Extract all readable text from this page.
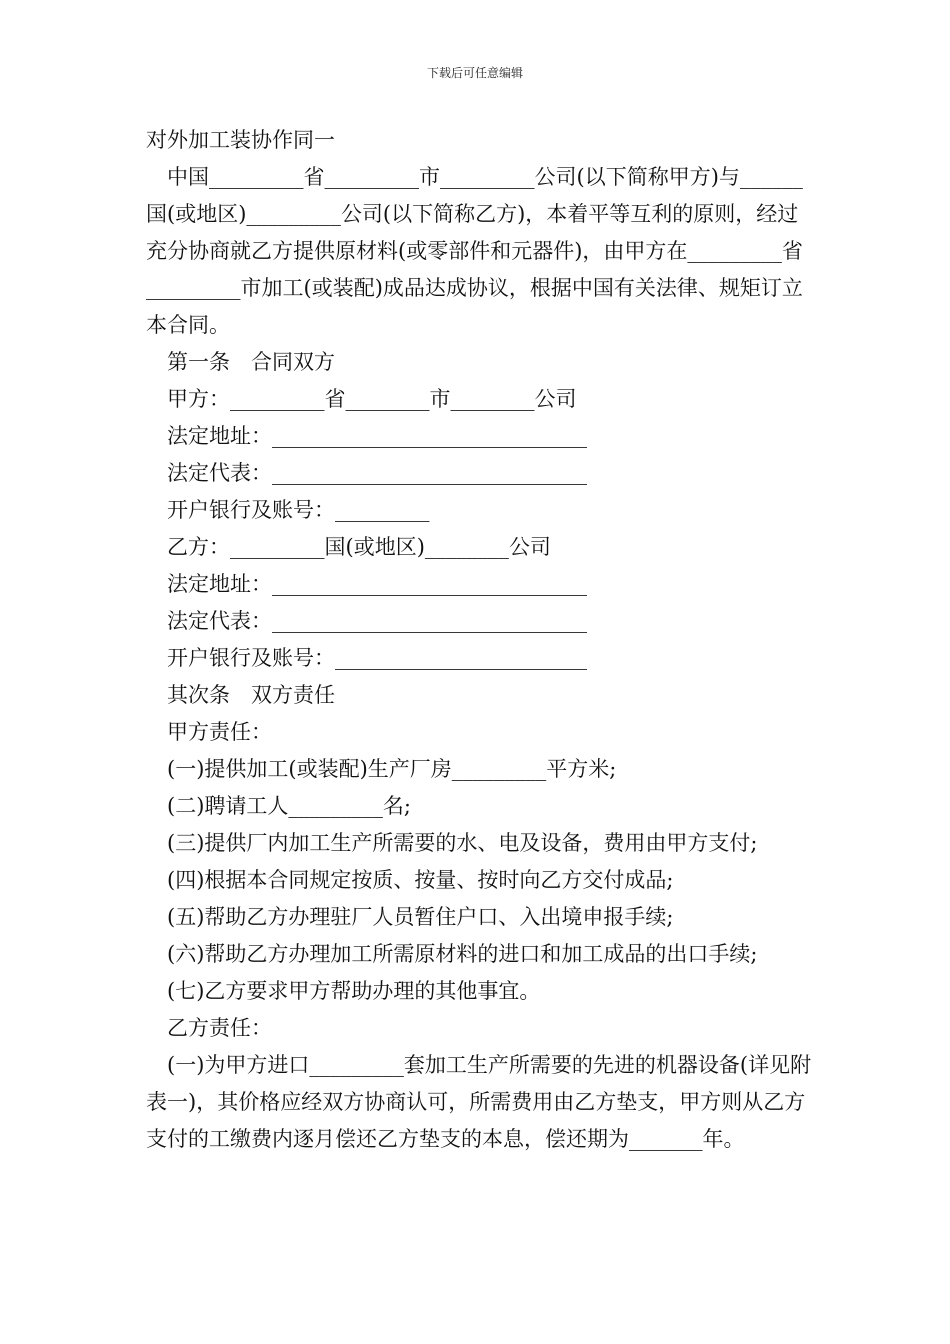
下载后可任意编辑

对外加工装协作同一

中国_________省_________市_________公司(以下简称甲方)与______国(或地区)_________公司(以下简称乙方)，本着平等互利的原则，经过充分协商就乙方提供原材料(或零部件和元器件)，由甲方在_________省_________市加工(或装配)成品达成协议，根据中国有关法律、规矩订立本合同。

第一条　合同双方

甲方：_________省________市________公司

法定地址：______________________________

法定代表：______________________________

开户银行及账号：_________

乙方：_________国(或地区)________公司

法定地址：______________________________

法定代表：______________________________

开户银行及账号：________________________

其次条　双方责任

甲方责任：

(一)提供加工(或装配)生产厂房_________平方米;

(二)聘请工人_________名;

(三)提供厂内加工生产所需要的水、电及设备，费用由甲方支付;

(四)根据本合同规定按质、按量、按时向乙方交付成品;

(五)帮助乙方办理驻厂人员暂住户口、入出境申报手续;

(六)帮助乙方办理加工所需原材料的进口和加工成品的出口手续;

(七)乙方要求甲方帮助办理的其他事宜。

乙方责任：

(一)为甲方进口_________套加工生产所需要的先进的机器设备(详见附表一)，其价格应经双方协商认可，所需费用由乙方垫支，甲方则从乙方支付的工缴费内逐月偿还乙方垫支的本息，偿还期为_______年。
